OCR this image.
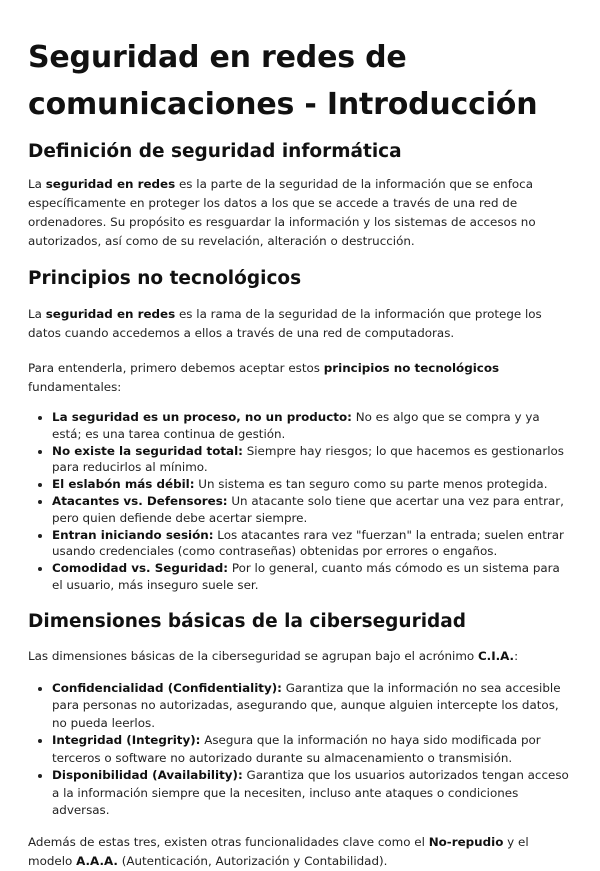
Seguridad en redes de comunicaciones - Introducción
Definición de seguridad informática

La seguridad en redes es la parte de la seguridad de la información que se enfoca específicamente en proteger los datos a los que se accede a través de una red de ordenadores. Su propósito es resguardar la información y los sistemas de accesos no autorizados, así como de su revelación, alteración o destrucción.

Principios no tecnológicos

La seguridad en redes es la rama de la seguridad de la información que protege los datos cuando accedemos a ellos a través de una red de computadoras.

Para entenderla, primero debemos aceptar estos principios no tecnológicos fundamentales:

• La seguridad es un proceso, no un producto: No es algo que se compra y ya está; es una tarea continua de gestión.
• No existe la seguridad total: Siempre hay riesgos; lo que hacemos es gestionarlos para reducirlos al mínimo.
• El eslabón más débil: Un sistema es tan seguro como su parte menos protegida.
• Atacantes vs. Defensores: Un atacante solo tiene que acertar una vez para entrar, pero quien defiende debe acertar siempre.
• Entran iniciando sesión: Los atacantes rara vez "fuerzan" la entrada; suelen entrar usando credenciales (como contraseñas) obtenidas por errores o engaños.
• Comodidad vs. Seguridad: Por lo general, cuanto más cómodo es un sistema para el usuario, más inseguro suele ser.
Dimensiones básicas de la ciberseguridad

Las dimensiones básicas de la ciberseguridad se agrupan bajo el acrónimo C.I.A.:

• Confidencialidad (Confidentiality): Garantiza que la información no sea accesible para personas no autorizadas, asegurando que, aunque alguien intercepte los datos, no pueda leerlos.
• Integridad (Integrity): Asegura que la información no haya sido modificada por terceros o software no autorizado durante su almacenamiento o transmisión.
• Disponibilidad (Availability): Garantiza que los usuarios autorizados tengan acceso a la información siempre que la necesiten, incluso ante ataques o condiciones adversas.

Además de estas tres, existen otras funcionalidades clave como el No-repudio y el modelo A.A.A. (Autenticación, Autorización y Contabilidad).
